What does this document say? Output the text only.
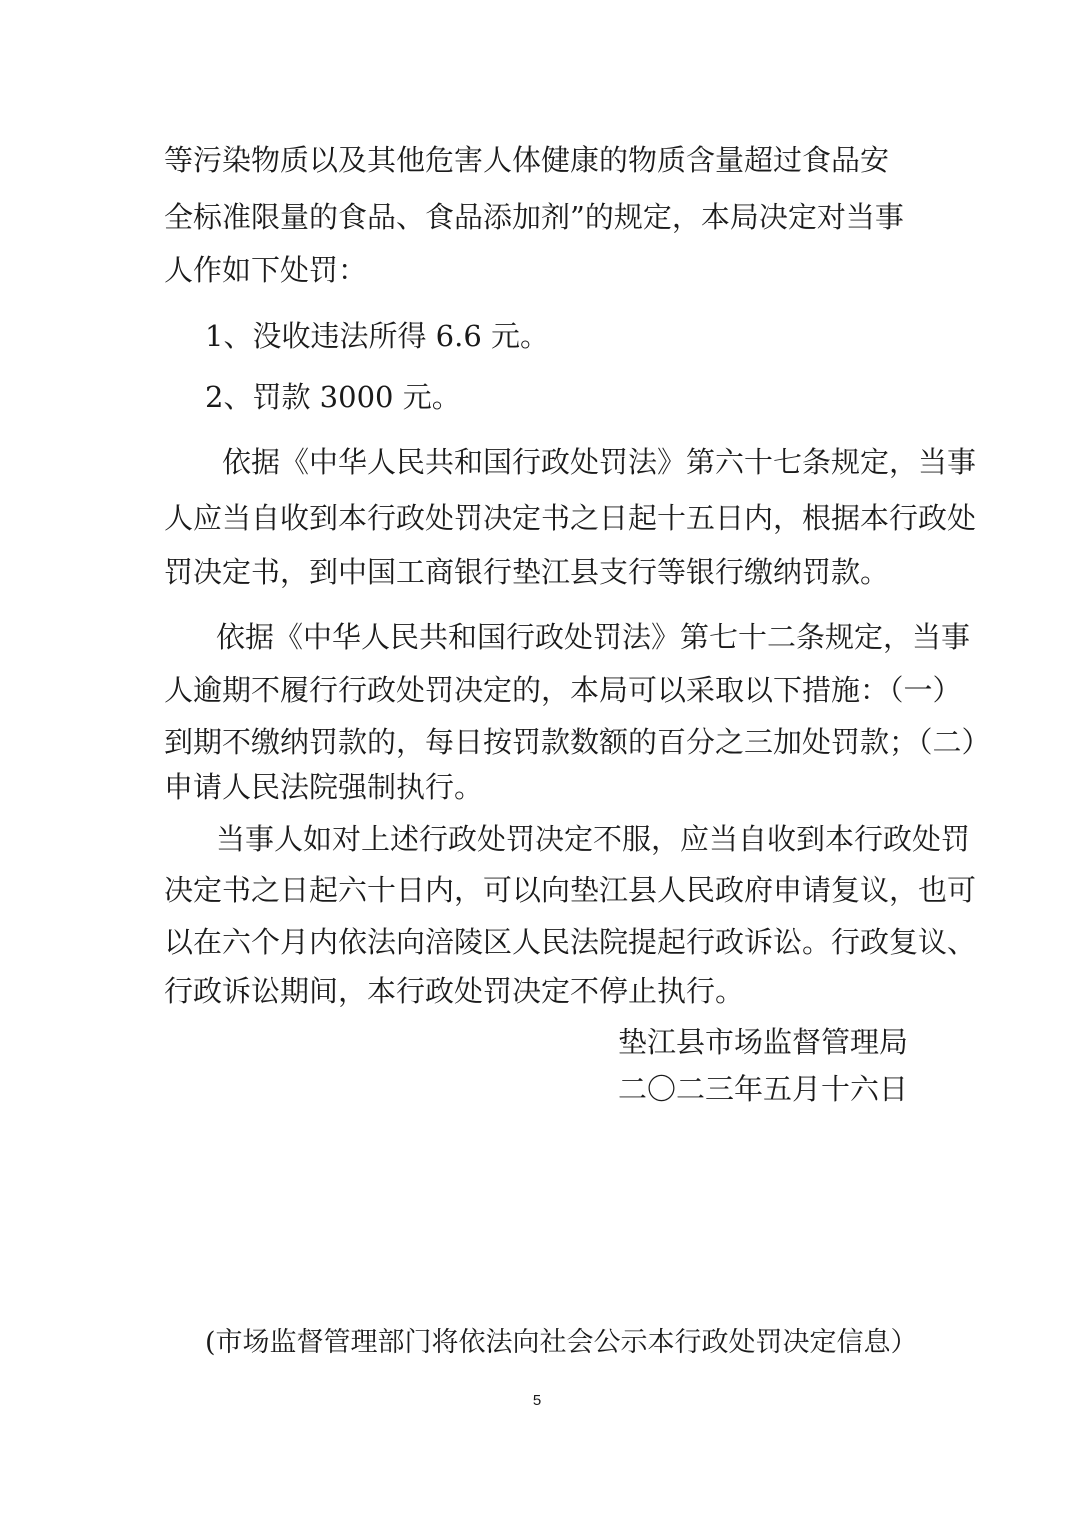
等污染物质以及其他危害人体健康的物质含量超过食品安
全标准限量的食品、食品添加剂”的规定，本局决定对当事
人作如下处罚：
1、没收违法所得 6.6 元。
2、罚款 3000 元。
依据《中华人民共和国行政处罚法》第六十七条规定，当事
人应当自收到本行政处罚决定书之日起十五日内，根据本行政处
罚决定书，到中国工商银行垫江县支行等银行缴纳罚款。
依据《中华人民共和国行政处罚法》第七十二条规定，当事
人逾期不履行行政处罚决定的，本局可以采取以下措施：（一）
到期不缴纳罚款的，每日按罚款数额的百分之三加处罚款；（二）
申请人民法院强制执行。
当事人如对上述行政处罚决定不服，应当自收到本行政处罚
决定书之日起六十日内，可以向垫江县人民政府申请复议，也可
以在六个月内依法向涪陵区人民法院提起行政诉讼。行政复议、
行政诉讼期间，本行政处罚决定不停止执行。
垫江县市场监督管理局
二〇二三年五月十六日
(市场监督管理部门将依法向社会公示本行政处罚决定信息）
5
